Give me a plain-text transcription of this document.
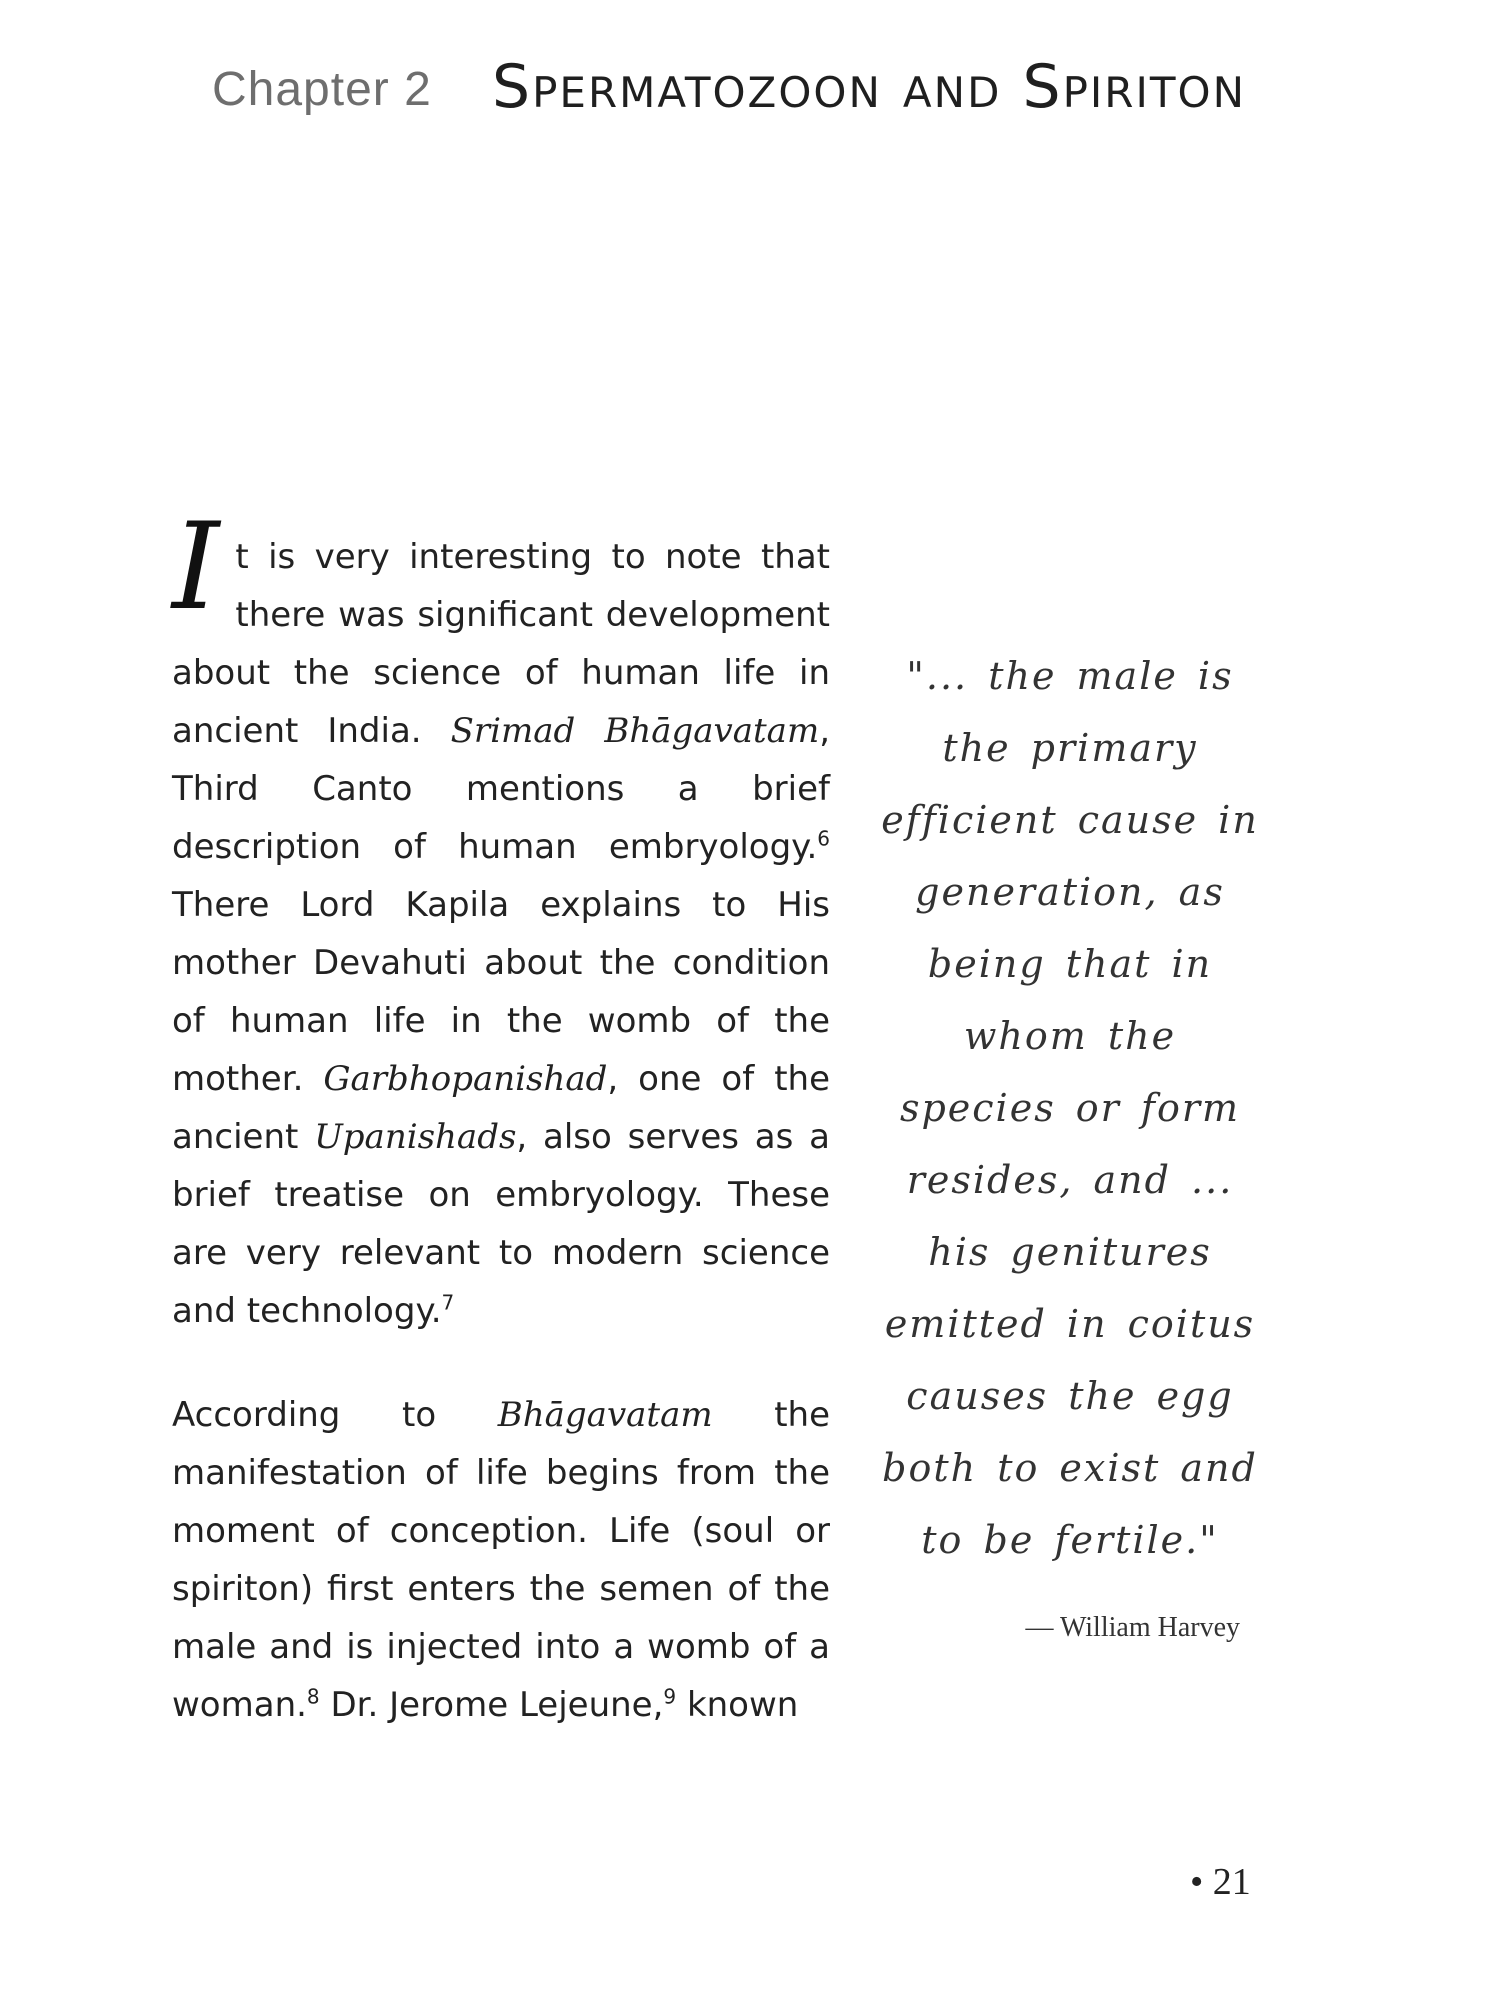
Chapter 2 Spermatozoon and Spiriton

It is very interesting to note that there was significant development about the science of human life in ancient India. Srimad Bhāgavatam, Third Canto mentions a brief description of human embryology.$^6$ There Lord Kapila explains to His mother Devahuti about the condition of human life in the womb of the mother. Garbhopanishad, one of the ancient Upanishads, also serves as a brief treatise on embryology. These are very relevant to modern science and technology.$^7$

According to Bhāgavatam the manifestation of life begins from the moment of conception. Life (soul or spiriton) first enters the semen of the male and is injected into a womb of a woman.$^8$ Dr. Jerome Lejeune,$^9$ known

"... the male is the primary efficient cause in generation, as being that in whom the species or form resides, and ... his genitures emitted in coitus causes the egg both to exist and to be fertile."

— William Harvey
• 21
